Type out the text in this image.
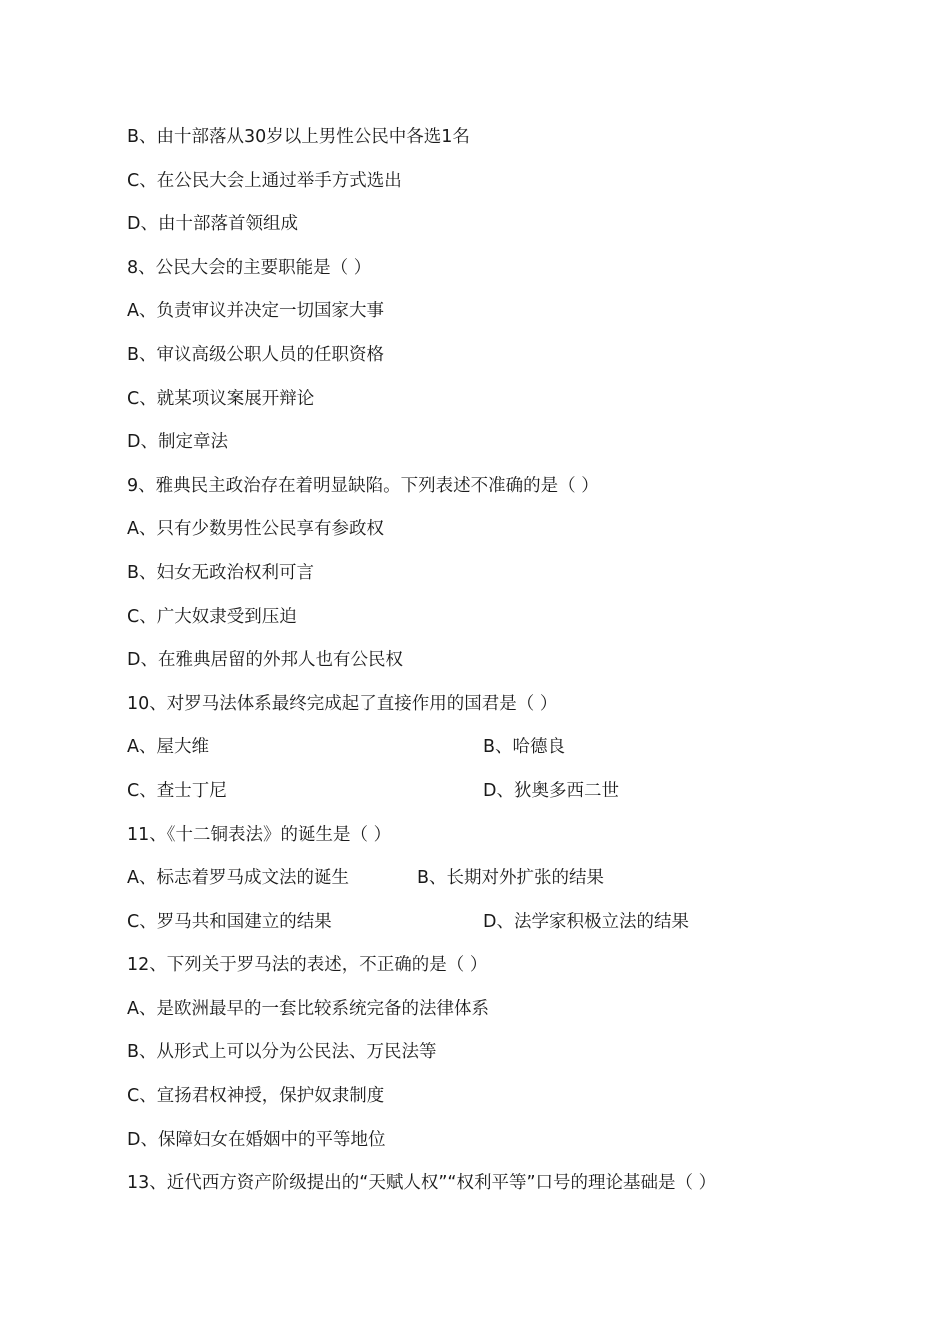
B、由十部落从30岁以上男性公民中各选1名
C、在公民大会上通过举手方式选出
D、由十部落首领组成
8、公民大会的主要职能是（ ）
A、负责审议并决定一切国家大事
B、审议高级公职人员的任职资格
C、就某项议案展开辩论
D、制定章法
9、雅典民主政治存在着明显缺陷。下列表述不准确的是（ ）
A、只有少数男性公民享有参政权
B、妇女无政治权利可言
C、广大奴隶受到压迫
D、在雅典居留的外邦人也有公民权
10、对罗马法体系最终完成起了直接作用的国君是（ ）
A、屋大维	B、哈德良
C、查士丁尼	D、狄奥多西二世
11、《十二铜表法》的诞生是（ ）
A、标志着罗马成文法的诞生	B、长期对外扩张的结果
C、罗马共和国建立的结果	D、法学家积极立法的结果
12、下列关于罗马法的表述，不正确的是（ ）
A、是欧洲最早的一套比较系统完备的法律体系
B、从形式上可以分为公民法、万民法等
C、宣扬君权神授，保护奴隶制度
D、保障妇女在婚姻中的平等地位
13、近代西方资产阶级提出的“天赋人权”“权利平等”口号的理论基础是（ ）
